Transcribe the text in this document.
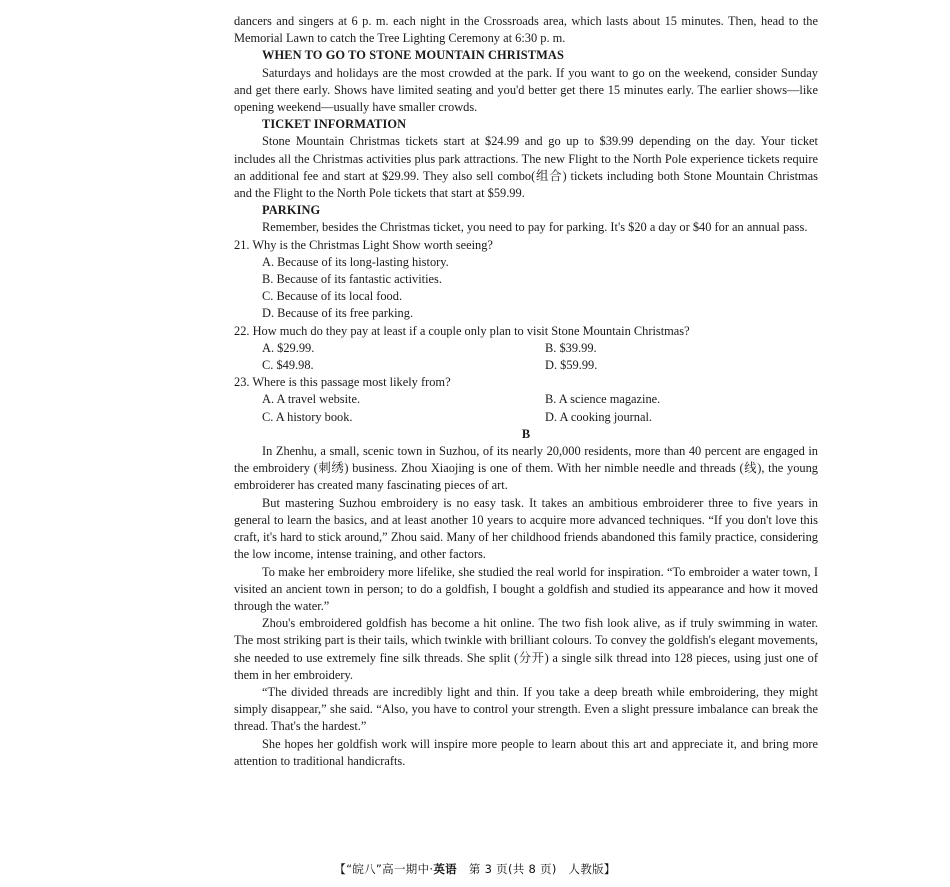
dancers and singers at 6 p. m. each night in the Crossroads area, which lasts about 15 minutes. Then, head to the Memorial Lawn to catch the Tree Lighting Ceremony at 6:30 p. m.

WHEN TO GO TO STONE MOUNTAIN CHRISTMAS

Saturdays and holidays are the most crowded at the park. If you want to go on the weekend, consider Sunday and get there early. Shows have limited seating and you'd better get there 15 minutes early. The earlier shows—like opening weekend—usually have smaller crowds.

TICKET INFORMATION

Stone Mountain Christmas tickets start at $24.99 and go up to $39.99 depending on the day. Your ticket includes all the Christmas activities plus park attractions. The new Flight to the North Pole experience tickets require an additional fee and start at $29.99. They also sell combo(组合) tickets including both Stone Mountain Christmas and the Flight to the North Pole tickets that start at $59.99.

PARKING

Remember, besides the Christmas ticket, you need to pay for parking. It's $20 a day or $40 for an annual pass.

21. Why is the Christmas Light Show worth seeing?
A. Because of its long-lasting history.
B. Because of its fantastic activities.
C. Because of its local food.
D. Because of its free parking.
22. How much do they pay at least if a couple only plan to visit Stone Mountain Christmas?
A. $29.99.	B. $39.99.
C. $49.98.	D. $59.99.
23. Where is this passage most likely from?
A. A travel website.	B. A science magazine.
C. A history book.	D. A cooking journal.
B

In Zhenhu, a small, scenic town in Suzhou, of its nearly 20,000 residents, more than 40 percent are engaged in the embroidery (刺绣) business. Zhou Xiaojing is one of them. With her nimble needle and threads (线), the young embroiderer has created many fascinating pieces of art.

But mastering Suzhou embroidery is no easy task. It takes an ambitious embroiderer three to five years in general to learn the basics, and at least another 10 years to acquire more advanced techniques. “If you don't love this craft, it's hard to stick around,” Zhou said. Many of her childhood friends abandoned this family practice, considering the low income, intense training, and other factors.

To make her embroidery more lifelike, she studied the real world for inspiration. “To embroider a water town, I visited an ancient town in person; to do a goldfish, I bought a goldfish and studied its appearance and how it moved through the water.”

Zhou's embroidered goldfish has become a hit online. The two fish look alive, as if truly swimming in water. The most striking part is their tails, which twinkle with brilliant colours. To convey the goldfish's elegant movements, she needed to use extremely fine silk threads. She split (分开) a single silk thread into 128 pieces, using just one of them in her embroidery.

“The divided threads are incredibly light and thin. If you take a deep breath while embroidering, they might simply disappear,” she said. “Also, you have to control your strength. Even a slight pressure imbalance can break the thread. That's the hardest.”

She hopes her goldfish work will inspire more people to learn about this art and appreciate it, and bring more attention to traditional handicrafts.

【“皖八”高一期中·英语 第 3 页(共 8 页) 人教版】
